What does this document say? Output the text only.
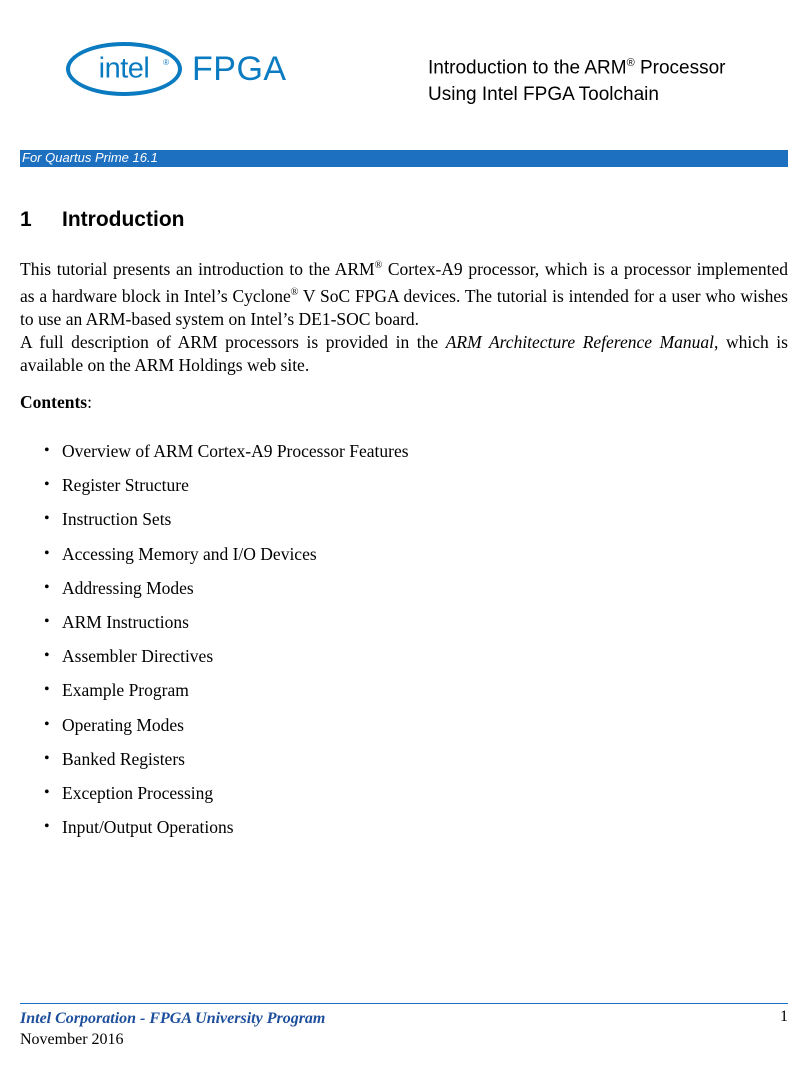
intel	® FPGA	Introduction to the ARM® Processor
Using Intel FPGA Toolchain
For Quartus Prime 16.1
1 Introduction
This tutorial presents an introduction to the ARM® Cortex-A9 processor, which is a processor implemented as a hardware block in Intel’s Cyclone® V SoC FPGA devices. The tutorial is intended for a user who wishes to use an ARM-based system on Intel’s DE1-SOC board.
A full description of ARM processors is provided in the ARM Architecture Reference Manual, which is available on the ARM Holdings web site.
Contents:
• Overview of ARM Cortex-A9 Processor Features
• Register Structure
• Instruction Sets
• Accessing Memory and I/O Devices
• Addressing Modes
• ARM Instructions
• Assembler Directives
• Example Program
• Operating Modes
• Banked Registers
• Exception Processing
• Input/Output Operations
Intel Corporation - FPGA University Program
November 2016
1
